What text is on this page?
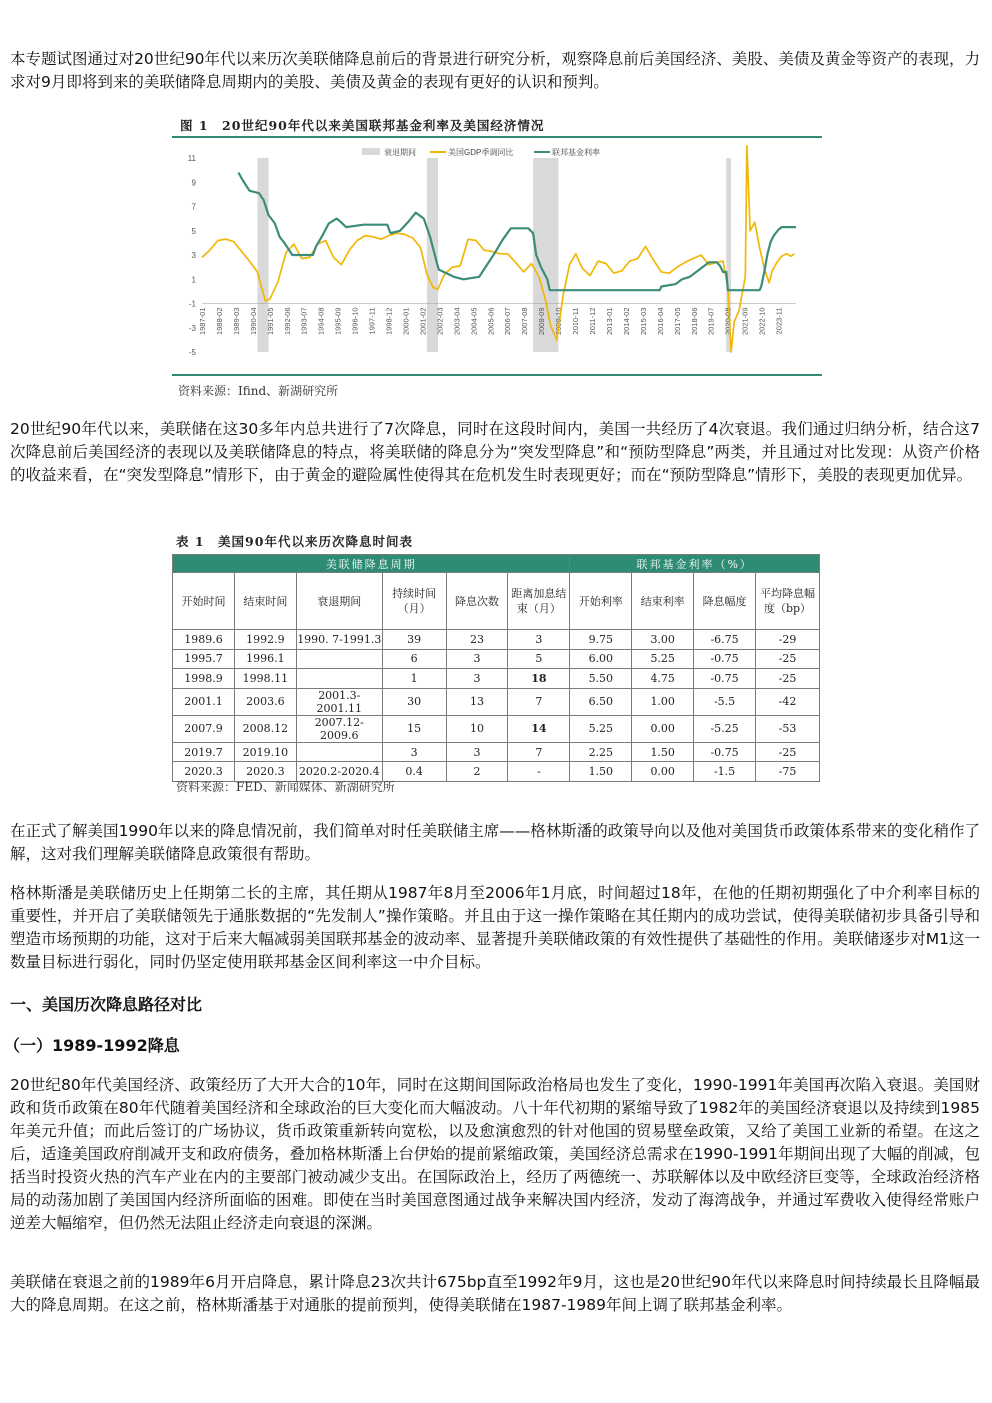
本专题试图通过对20世纪90年代以来历次美联储降息前后的背景进行研究分析，观察降息前后美国经济、美股、美债及黄金等资产的表现，力求对9月即将到来的美联储降息周期内的美股、美债及黄金的表现有更好的认识和预判。

图 1　20世纪90年代以来美国联邦基金利率及美国经济情况
11
9
7
5
3
1
-1
-3
-5
1987-01 1988-02 1989-03 1990-04 1991-05 1992-06 1993-07 1994-08 1995-09 1996-10 1997-11 1998-12 2000-01 2001-02 2002-03 2003-04 2004-05 2005-06 2006-07 2007-08 2008-09 2009-10 2010-11 2011-12 2013-01 2014-02 2015-03 2016-04 2017-05 2018-06 2019-07 2020-08 2021-09 2022-10 2023-11
衰退期间	美国GDP季调同比	联邦基金利率
资料来源：Ifind、新湖研究所

20世纪90年代以来，美联储在这30多年内总共进行了7次降息，同时在这段时间内，美国一共经历了4次衰退。我们通过归纳分析，结合这7次降息前后美国经济的表现以及美联储降息的特点，将美联储的降息分为“突发型降息”和“预防型降息”两类，并且通过对比发现：从资产价格的收益来看，在“突发型降息”情形下，由于黄金的避险属性使得其在危机发生时表现更好；而在“预防型降息”情形下，美股的表现更加优异。

表 1　美国90年代以来历次降息时间表
美联储降息周期						联邦基金利率（%）			
开始时间	结束时间	衰退期间	持续时间（月）	降息次数	距离加息结束（月）	开始利率	结束利率	降息幅度	平均降息幅度（bp）
1989.6	1992.9	1990. 7-1991.3	39	23	3	9.75	3.00	-6.75	-29
1995.7	1996.1		6	3	5	6.00	5.25	-0.75	-25
1998.9	1998.11		1	3	18	5.50	4.75	-0.75	-25
2001.1	2003.6	2001.3-2001.11	30	13	7	6.50	1.00	-5.5	-42
2007.9	2008.12	2007.12-2009.6	15	10	14	5.25	0.00	-5.25	-53
2019.7	2019.10		3	3	7	2.25	1.50	-0.75	-25
2020.3	2020.3	2020.2-2020.4	0.4	2	-	1.50	0.00	-1.5	-75
资料来源：FED、新闻媒体、新湖研究所

在正式了解美国1990年以来的降息情况前，我们简单对时任美联储主席——格林斯潘的政策导向以及他对美国货币政策体系带来的变化稍作了解，这对我们理解美联储降息政策很有帮助。

格林斯潘是美联储历史上任期第二长的主席，其任期从1987年8月至2006年1月底，时间超过18年，在他的任期初期强化了中介利率目标的重要性，并开启了美联储领先于通胀数据的“先发制人”操作策略。并且由于这一操作策略在其任期内的成功尝试，使得美联储初步具备引导和塑造市场预期的功能，这对于后来大幅减弱美国联邦基金的波动率、显著提升美联储政策的有效性提供了基础性的作用。美联储逐步对M1这一数量目标进行弱化，同时仍坚定使用联邦基金区间利率这一中介目标。

一、美国历次降息路径对比

（一）1989-1992降息

20世纪80年代美国经济、政策经历了大开大合的10年，同时在这期间国际政治格局也发生了变化，1990-1991年美国再次陷入衰退。美国财政和货币政策在80年代随着美国经济和全球政治的巨大变化而大幅波动。八十年代初期的紧缩导致了1982年的美国经济衰退以及持续到1985年美元升值；而此后签订的广场协议，货币政策重新转向宽松，以及愈演愈烈的针对他国的贸易壁垒政策，又给了美国工业新的希望。在这之后，适逢美国政府削减开支和政府债务，叠加格林斯潘上台伊始的提前紧缩政策，美国经济总需求在1990-1991年期间出现了大幅的削减，包括当时投资火热的汽车产业在内的主要部门被动减少支出。在国际政治上，经历了两德统一、苏联解体以及中欧经济巨变等，全球政治经济格局的动荡加剧了美国国内经济所面临的困难。即使在当时美国意图通过战争来解决国内经济，发动了海湾战争，并通过军费收入使得经常账户逆差大幅缩窄，但仍然无法阻止经济走向衰退的深渊。

美联储在衰退之前的1989年6月开启降息，累计降息23次共计675bp直至1992年9月，这也是20世纪90年代以来降息时间持续最长且降幅最大的降息周期。在这之前，格林斯潘基于对通胀的提前预判，使得美联储在1987-1989年间上调了联邦基金利率。
